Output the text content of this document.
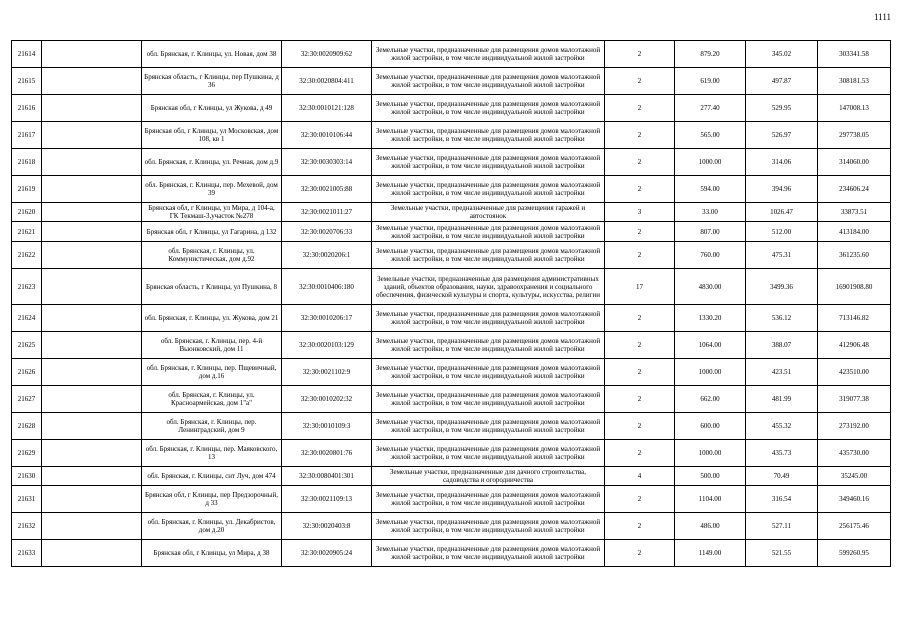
1111
21614		обл. Брянская, г. Клинцы, ул. Новая, дом 38	32:30:0020909:62	Земельные участки, предназначенные для размещения домов малоэтажной жилой застройки, в том числе индивидуальной жилой застройки	2	879.20	345.02	303341.58
21615		Брянская область, г Клинцы, пер Пушкина, д 36	32:30:0020804:411	Земельные участки, предназначенные для размещения домов малоэтажной жилой застройки, в том числе индивидуальной жилой застройки	2	619.00	497.87	308181.53
21616		Брянская обл, г Клинцы, ул Жукова, д 49	32:30:0010121:128	Земельные участки, предназначенные для размещения домов малоэтажной жилой застройки, в том числе индивидуальной жилой застройки	2	277.40	529.95	147008.13
21617		Брянская обл, г Клинцы, ул Московская, дом 108, кв 1	32:30:0010106:44	Земельные участки, предназначенные для размещения домов малоэтажной жилой застройки, в том числе индивидуальной жилой застройки	2	565.00	526.97	297738.05
21618		обл. Брянская, г. Клинцы, ул. Речная, дом д.9	32:30:0030303:14	Земельные участки, предназначенные для размещения домов малоэтажной жилой застройки, в том числе индивидуальной жилой застройки	2	1000.00	314.06	314060.00
21619		обл. Брянская, г. Клинцы, пер. Мехевой, дом 39	32:30:0021005:88	Земельные участки, предназначенные для размещения домов малоэтажной жилой застройки, в том числе индивидуальной жилой застройки	2	594.00	394.96	234606.24
21620		Брянская обл, г Клинцы, ул Мира, д 104-а, ГК Текмаш-3,участок №278	32:30:0021011:27	Земельные участки, предназначенные для размещения гаражей и автостоянок	3	33.00	1026.47	33873.51
21621		Брянская обл, г Клинцы, ул Гагарина, д 132	32:30:0020706:33	Земельные участки, предназначенные для размещения домов малоэтажной жилой застройки, в том числе индивидуальной жилой застройки	2	807.00	512.00	413184.00
21622		обл. Брянская, г. Клинцы, ул. Коммунистическая, дом д.92	32:30:0020206:1	Земельные участки, предназначенные для размещения домов малоэтажной жилой застройки, в том числе индивидуальной жилой застройки	2	760.00	475.31	361235.60
21623		Брянская область, г Клинцы, ул Пушкина, 8	32:30:0010406:180	Земельные участки, предназначенные для размещения административных зданий, объектов образования, науки, здравоохранения и социального обеспечения, физической культуры и спорта, культуры, искусства, религии	17	4830.00	3499.36	16901908.80
21624		обл. Брянская, г. Клинцы, ул. Жукова, дом 21	32:30:0010206:17	Земельные участки, предназначенные для размещения домов малоэтажной жилой застройки, в том числе индивидуальной жилой застройки	2	1330.20	536.12	713146.82
21625		обл. Брянская, г. Клинцы, пер. 4-й Вьюнковский, дом 11	32:30:0020103:129	Земельные участки, предназначенные для размещения домов малоэтажной жилой застройки, в том числе индивидуальной жилой застройки	2	1064.00	388.07	412906.48
21626		обл. Брянская, г. Клинцы, пер. Пщевичный, дом д.16	32:30:0021102:9	Земельные участки, предназначенные для размещения домов малоэтажной жилой застройки, в том числе индивидуальной жилой застройки	2	1000.00	423.51	423510.00
21627		обл. Брянская, г. Клинцы, ул. Красноармейская, дом 1"а"	32:30:0010202:32	Земельные участки, предназначенные для размещения домов малоэтажной жилой застройки, в том числе индивидуальной жилой застройки	2	662.00	481.99	319077.38
21628		обл. Брянская, г. Клинцы, пер. Ленинградский, дом 9	32:30:0010109:3	Земельные участки, предназначенные для размещения домов малоэтажной жилой застройки, в том числе индивидуальной жилой застройки	2	600.00	455.32	273192.00
21629		обл. Брянская, г. Клинцы, пер. Маяковского, 13	32:30:0020801:76	Земельные участки, предназначенные для размещения домов малоэтажной жилой застройки, в том числе индивидуальной жилой застройки	2	1000.00	435.73	435730.00
21630		обл. Брянская, г. Клинцы, снт Луч, дом 474	32:30:0080401:301	Земельные участки, предназначенные для дачного строительства, садоводства и огородничества	4	500.00	70.49	35245.00
21631		Брянская обл, г Клинцы, пер Предзорочный, д 33	32:30:0021109:13	Земельные участки, предназначенные для размещения домов малоэтажной жилой застройки, в том числе индивидуальной жилой застройки	2	1104.00	316.54	349460.16
21632		обл. Брянская, г. Клинцы, ул. Декабристов, дом д.20	32:30:0020403:8	Земельные участки, предназначенные для размещения домов малоэтажной жилой застройки, в том числе индивидуальной жилой застройки	2	486.00	527.11	256175.46
21633		Брянская обл, г Клинцы, ул Мира, д 38	32:30:0020905:24	Земельные участки, предназначенные для размещения домов малоэтажной жилой застройки, в том числе индивидуальной жилой застройки	2	1149.00	521.55	599260.95
